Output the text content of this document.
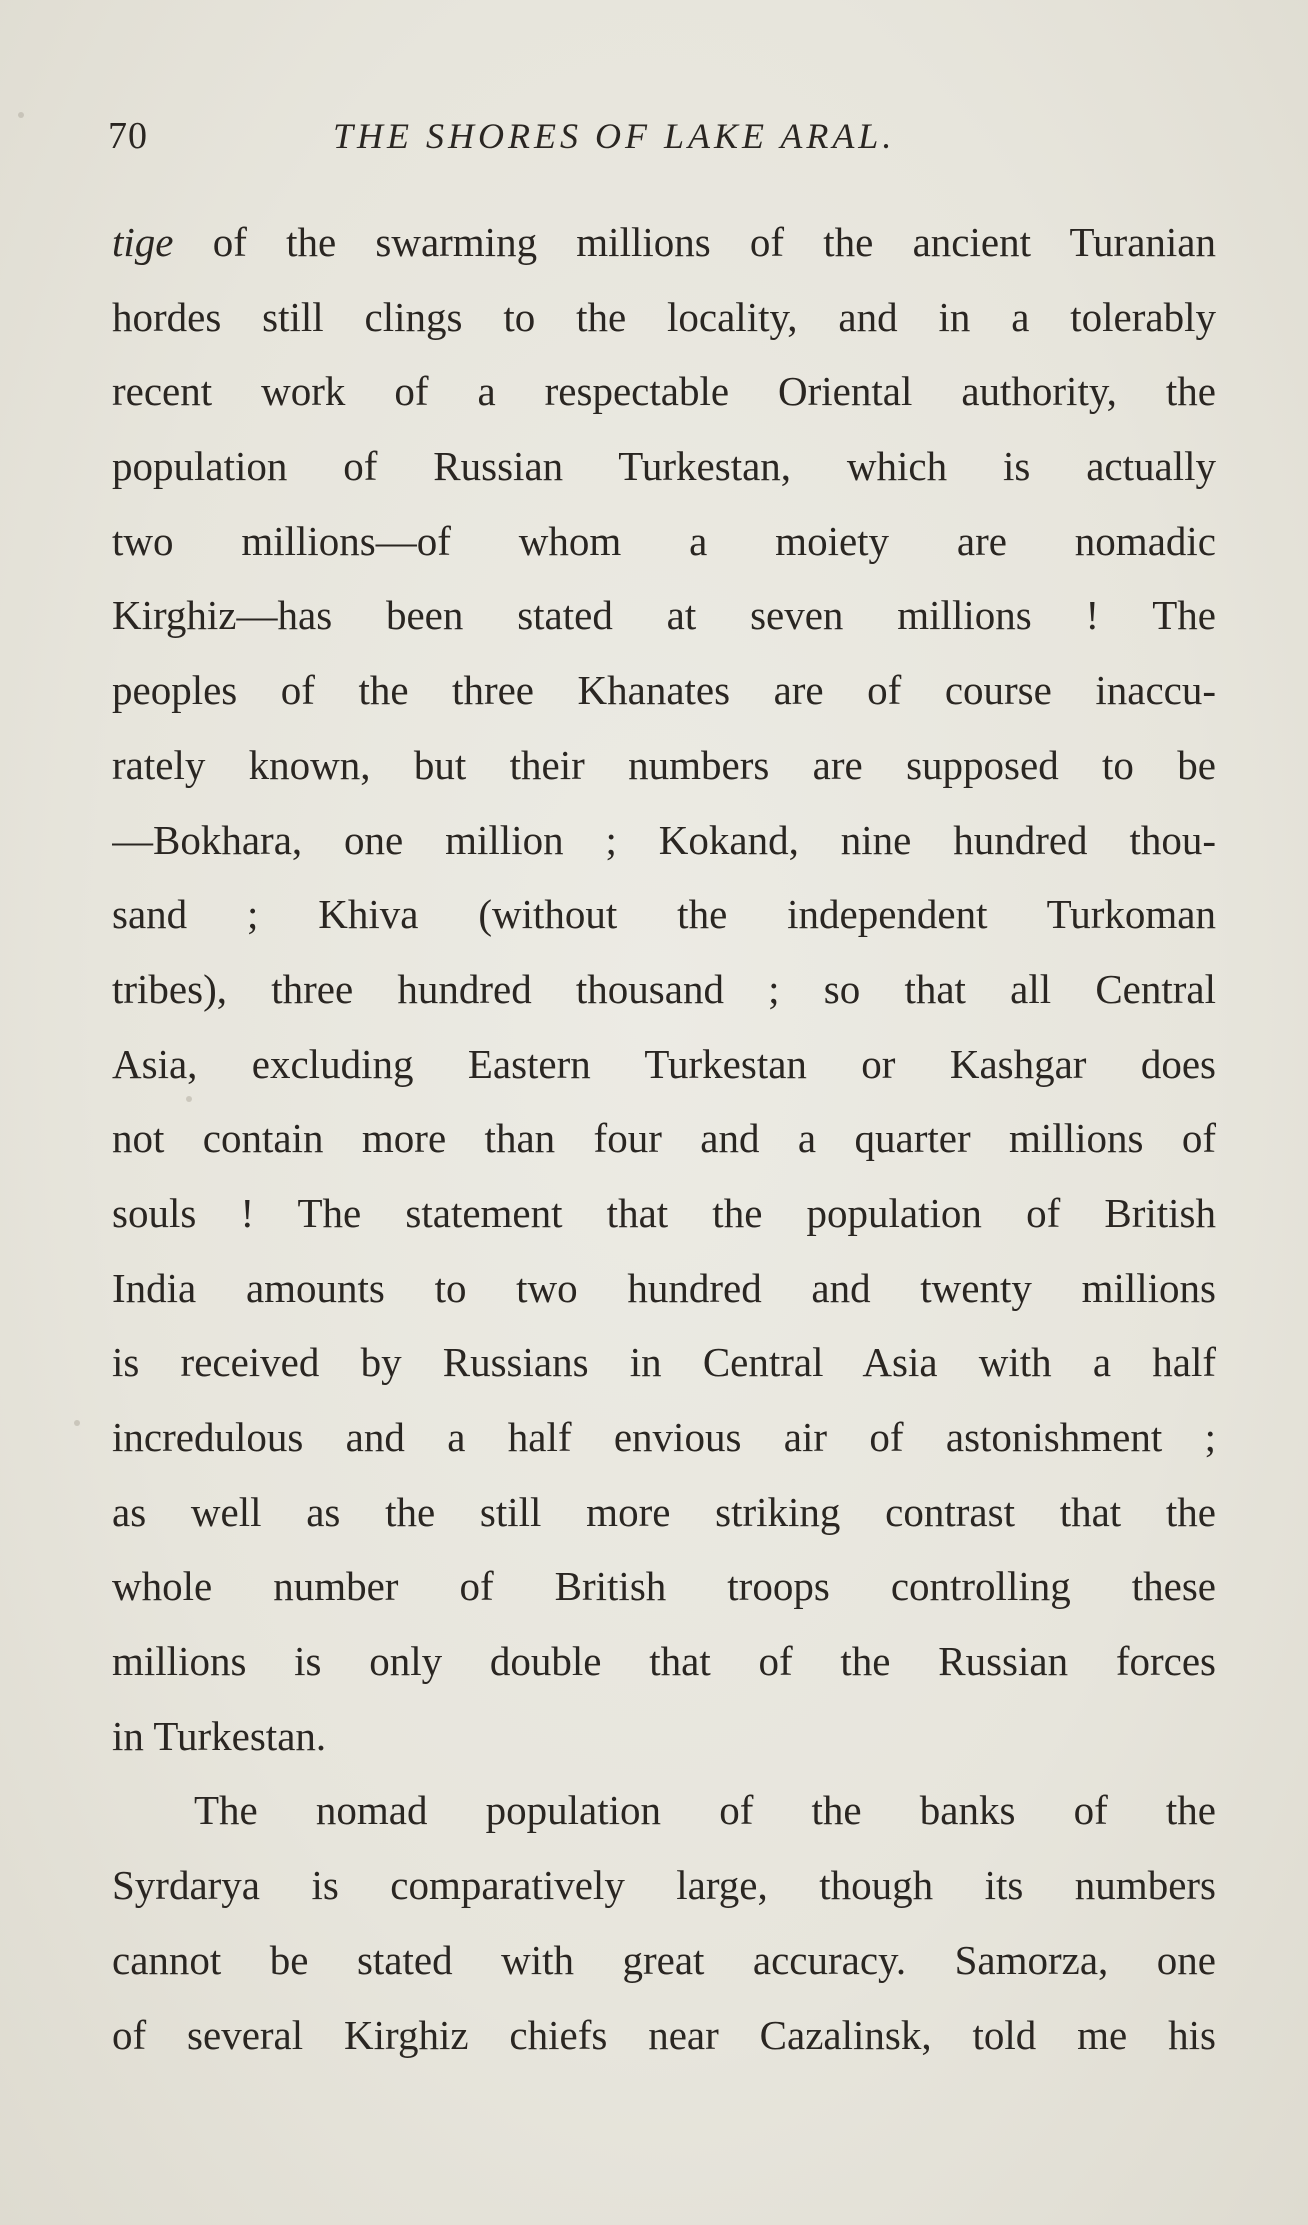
70	THE SHORES OF LAKE ARAL.
tige of the swarming millions of the ancient Turanian
hordes still clings to the locality, and in a tolerably
recent work of a respectable Oriental authority, the
population of Russian Turkestan, which is actually
two millions—of whom a moiety are nomadic
Kirghiz—has been stated at seven millions ! The
peoples of the three Khanates are of course inaccu-
rately known, but their numbers are supposed to be
—Bokhara, one million ; Kokand, nine hundred thou-
sand ; Khiva (without the independent Turkoman
tribes), three hundred thousand ; so that all Central
Asia, excluding Eastern Turkestan or Kashgar does
not contain more than four and a quarter millions of
souls ! The statement that the population of British
India amounts to two hundred and twenty millions
is received by Russians in Central Asia with a half
incredulous and a half envious air of astonishment ;
as well as the still more striking contrast that the
whole number of British troops controlling these
millions is only double that of the Russian forces
in Turkestan.
The nomad population of the banks of the
Syrdarya is comparatively large, though its numbers
cannot be stated with great accuracy. Samorza, one
of several Kirghiz chiefs near Cazalinsk, told me his
